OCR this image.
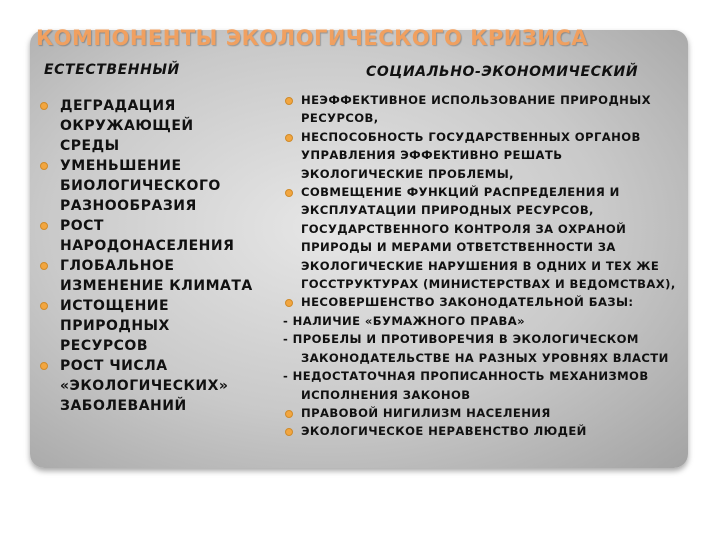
КОМПОНЕНТЫ ЭКОЛОГИЧЕСКОГО КРИЗИСА
ЕСТЕСТВЕННЫЙ	СОЦИАЛЬНО-ЭКОНОМИЧЕСКИЙ
ДЕГРАДАЦИЯ ОКРУЖАЮЩЕЙ СРЕДЫ
УМЕНЬШЕНИЕ БИОЛОГИЧЕСКОГО РАЗНООБРАЗИЯ
РОСТ НАРОДОНАСЕЛЕНИЯ
ГЛОБАЛЬНОЕ ИЗМЕНЕНИЕ КЛИМАТА
ИСТОЩЕНИЕ ПРИРОДНЫХ РЕСУРСОВ
РОСТ ЧИСЛА «ЭКОЛОГИЧЕСКИХ» ЗАБОЛЕВАНИЙ
НЕЭФФЕКТИВНОЕ ИСПОЛЬЗОВАНИЕ ПРИРОДНЫХ РЕСУРСОВ,
НЕСПОСОБНОСТЬ ГОСУДАРСТВЕННЫХ ОРГАНОВ УПРАВЛЕНИЯ ЭФФЕКТИВНО РЕШАТЬ ЭКОЛОГИЧЕСКИЕ ПРОБЛЕМЫ,
СОВМЕЩЕНИЕ ФУНКЦИЙ РАСПРЕДЕЛЕНИЯ И ЭКСПЛУАТАЦИИ ПРИРОДНЫХ РЕСУРСОВ, ГОСУДАРСТВЕННОГО КОНТРОЛЯ ЗА ОХРАНОЙ ПРИРОДЫ И МЕРАМИ ОТВЕТСТВЕННОСТИ ЗА ЭКОЛОГИЧЕСКИЕ НАРУШЕНИЯ В ОДНИХ И ТЕХ ЖЕ ГОССТРУКТУРАХ (МИНИСТЕРСТВАХ И ВЕДОМСТВАХ),
НЕСОВЕРШЕНСТВО ЗАКОНОДАТЕЛЬНОЙ БАЗЫ:
- НАЛИЧИЕ «БУМАЖНОГО ПРАВА»
- ПРОБЕЛЫ И ПРОТИВОРЕЧИЯ В ЭКОЛОГИЧЕСКОМ ЗАКОНОДАТЕЛЬСТВЕ НА РАЗНЫХ УРОВНЯХ ВЛАСТИ
- НЕДОСТАТОЧНАЯ ПРОПИСАННОСТЬ МЕХАНИЗМОВ ИСПОЛНЕНИЯ ЗАКОНОВ
ПРАВОВОЙ НИГИЛИЗМ НАСЕЛЕНИЯ
ЭКОЛОГИЧЕСКОЕ НЕРАВЕНСТВО ЛЮДЕЙ
